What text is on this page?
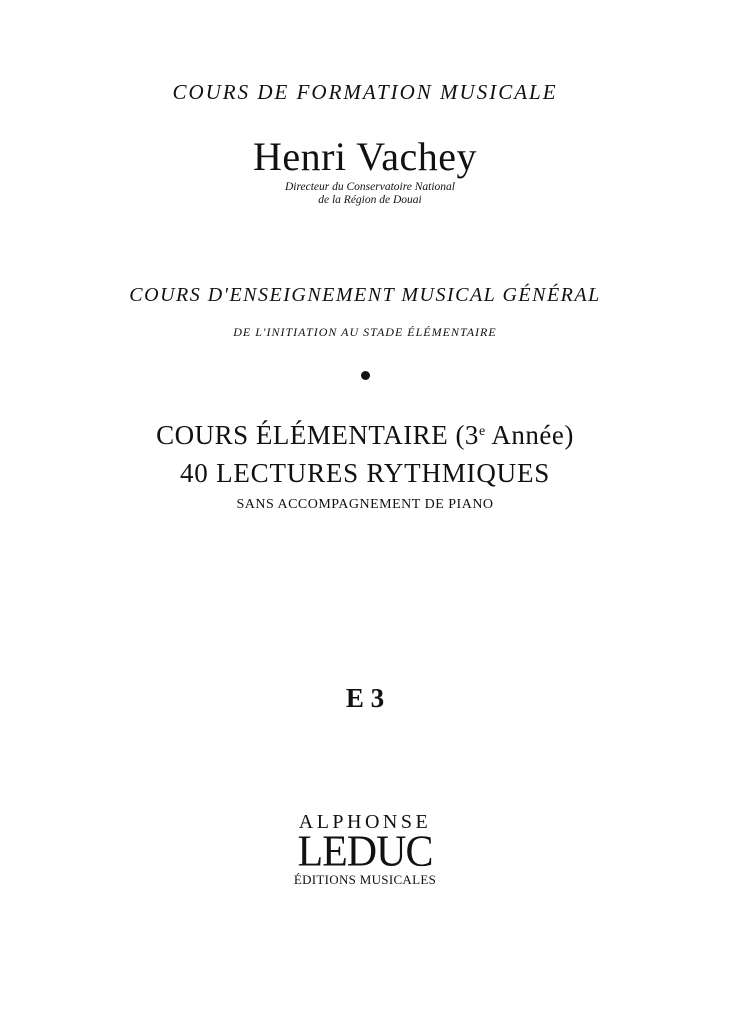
COURS DE FORMATION MUSICALE
Henri Vachey
Directeur du Conservatoire National
de la Région de Douai
COURS D'ENSEIGNEMENT MUSICAL GÉNÉRAL
DE L'INITIATION AU STADE ÉLÉMENTAIRE
COURS ÉLÉMENTAIRE (3e Année)
40 LECTURES RYTHMIQUES
SANS ACCOMPAGNEMENT DE PIANO
E 3
ALPHONSE
LEDUC
ÉDITIONS MUSICALES
